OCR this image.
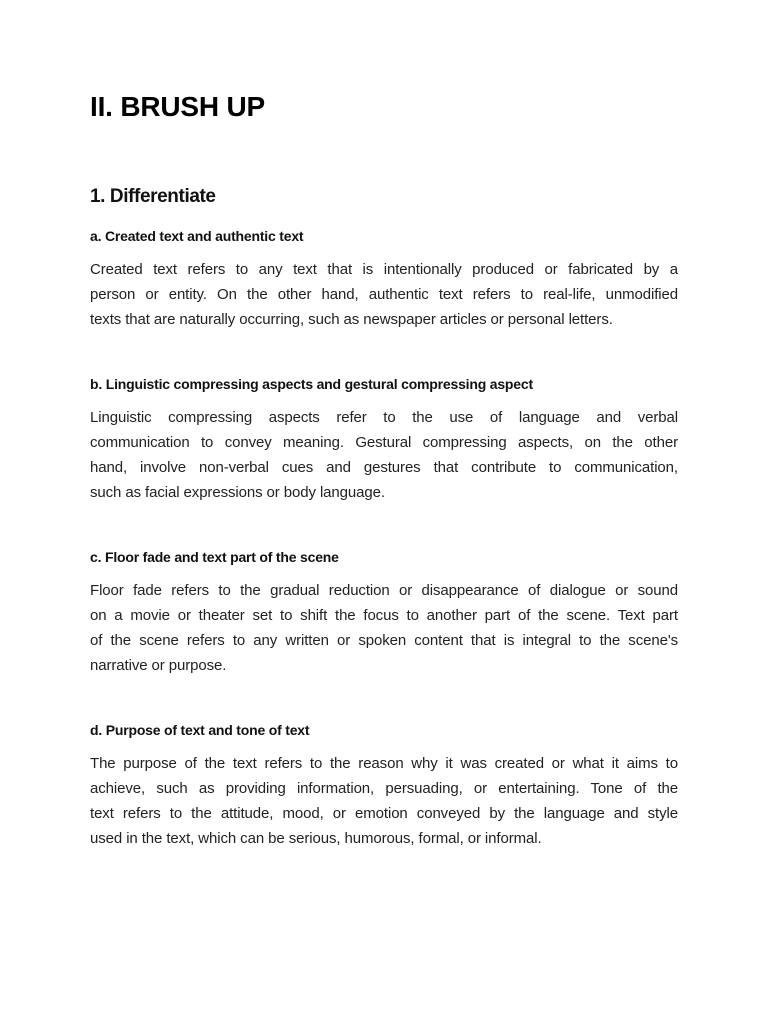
II. BRUSH UP
1. Differentiate
a. Created text and authentic text
Created text refers to any text that is intentionally produced or fabricated by a
person or entity. On the other hand, authentic text refers to real-life, unmodified
texts that are naturally occurring, such as newspaper articles or personal letters.
b. Linguistic compressing aspects and gestural compressing aspect
Linguistic compressing aspects refer to the use of language and verbal
communication to convey meaning. Gestural compressing aspects, on the other
hand, involve non-verbal cues and gestures that contribute to communication,
such as facial expressions or body language.
c. Floor fade and text part of the scene
Floor fade refers to the gradual reduction or disappearance of dialogue or sound
on a movie or theater set to shift the focus to another part of the scene. Text part
of the scene refers to any written or spoken content that is integral to the scene's
narrative or purpose.
d. Purpose of text and tone of text
The purpose of the text refers to the reason why it was created or what it aims to
achieve, such as providing information, persuading, or entertaining. Tone of the
text refers to the attitude, mood, or emotion conveyed by the language and style
used in the text, which can be serious, humorous, formal, or informal.
